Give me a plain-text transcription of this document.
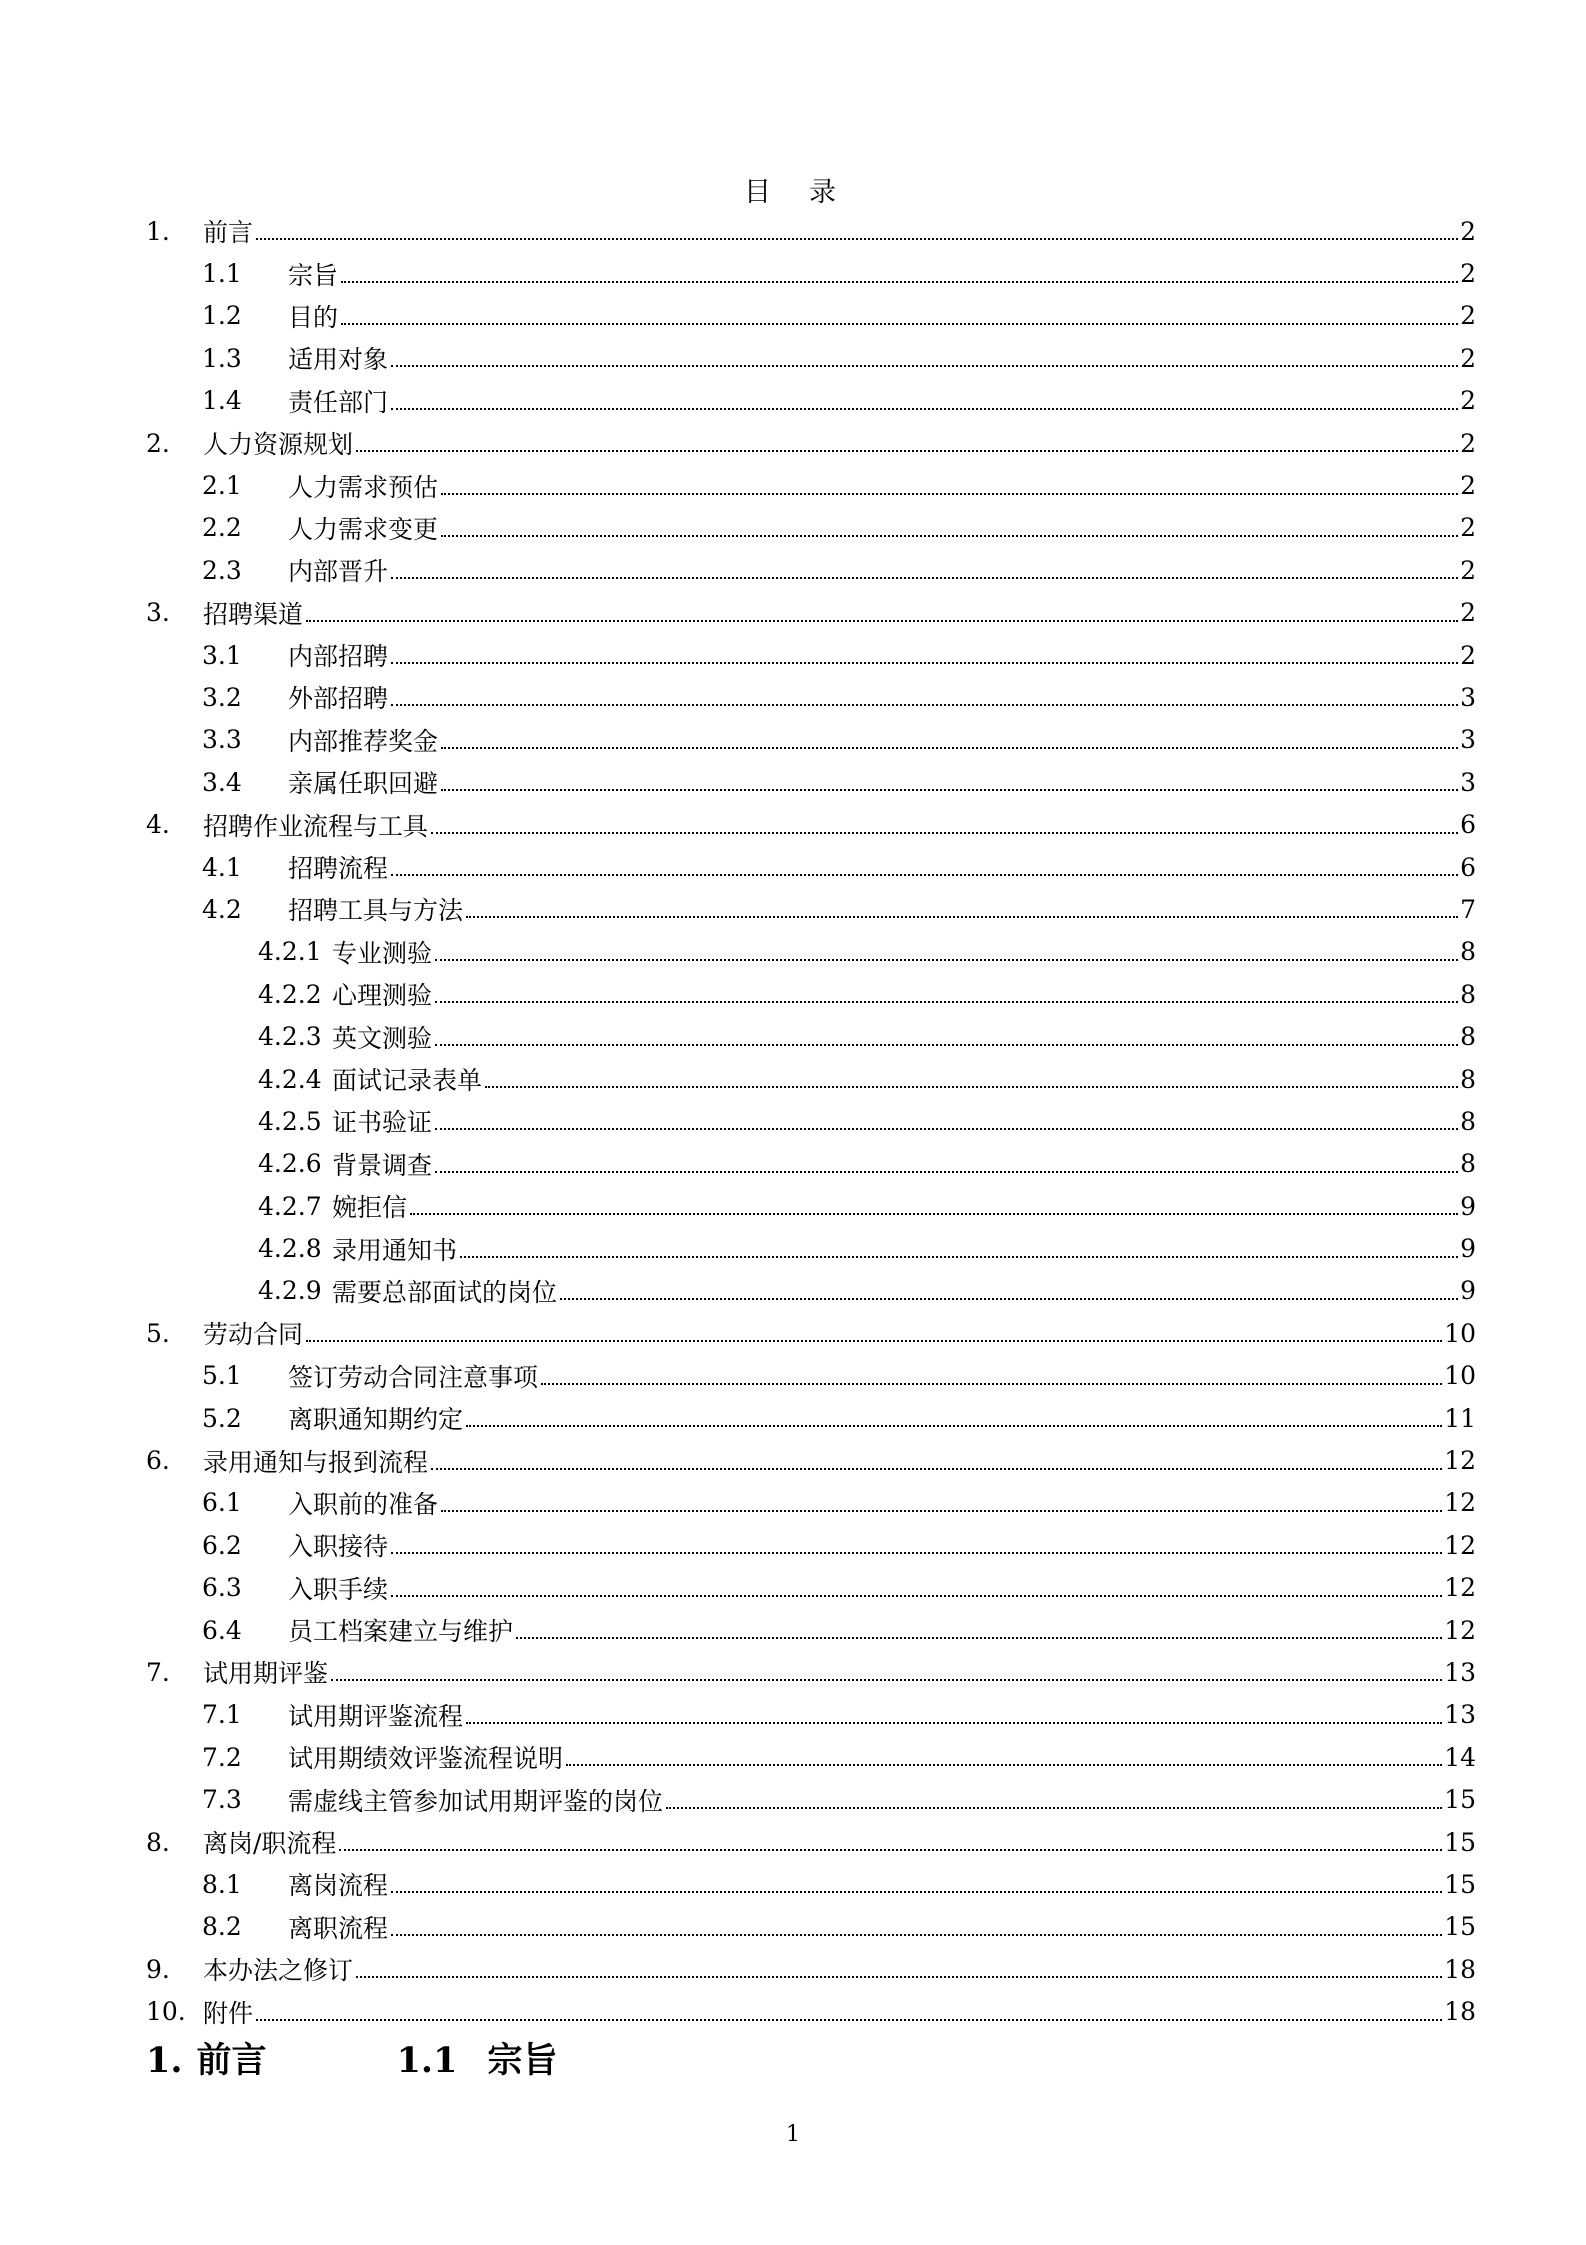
目 录
1.	前言	2
1.1	宗旨	2
1.2	目的	2
1.3	适用对象	2
1.4	责任部门	2
2.	人力资源规划	2
2.1	人力需求预估	2
2.2	人力需求变更	2
2.3	内部晋升	2
3.	招聘渠道	2
3.1	内部招聘	2
3.2	外部招聘	3
3.3	内部推荐奖金	3
3.4	亲属任职回避	3
4.	招聘作业流程与工具	6
4.1	招聘流程	6
4.2	招聘工具与方法	7
4.2.1 专业测验	8
4.2.2 心理测验	8
4.2.3 英文测验	8
4.2.4 面试记录表单	8
4.2.5 证书验证	8
4.2.6 背景调查	8
4.2.7 婉拒信	9
4.2.8 录用通知书	9
4.2.9 需要总部面试的岗位	9
5.	劳动合同	10
5.1	签订劳动合同注意事项	10
5.2	离职通知期约定	11
6.	录用通知与报到流程	12
6.1	入职前的准备	12
6.2	入职接待	12
6.3	入职手续	12
6.4	员工档案建立与维护	12
7.	试用期评鉴	13
7.1	试用期评鉴流程	13
7.2	试用期绩效评鉴流程说明	14
7.3	需虚线主管参加试用期评鉴的岗位	15
8.	离岗/职流程	15
8.1	离岗流程	15
8.2	离职流程	15
9.	本办法之修订	18
10. 附件	18
1. 前言	1.1 宗旨
1
